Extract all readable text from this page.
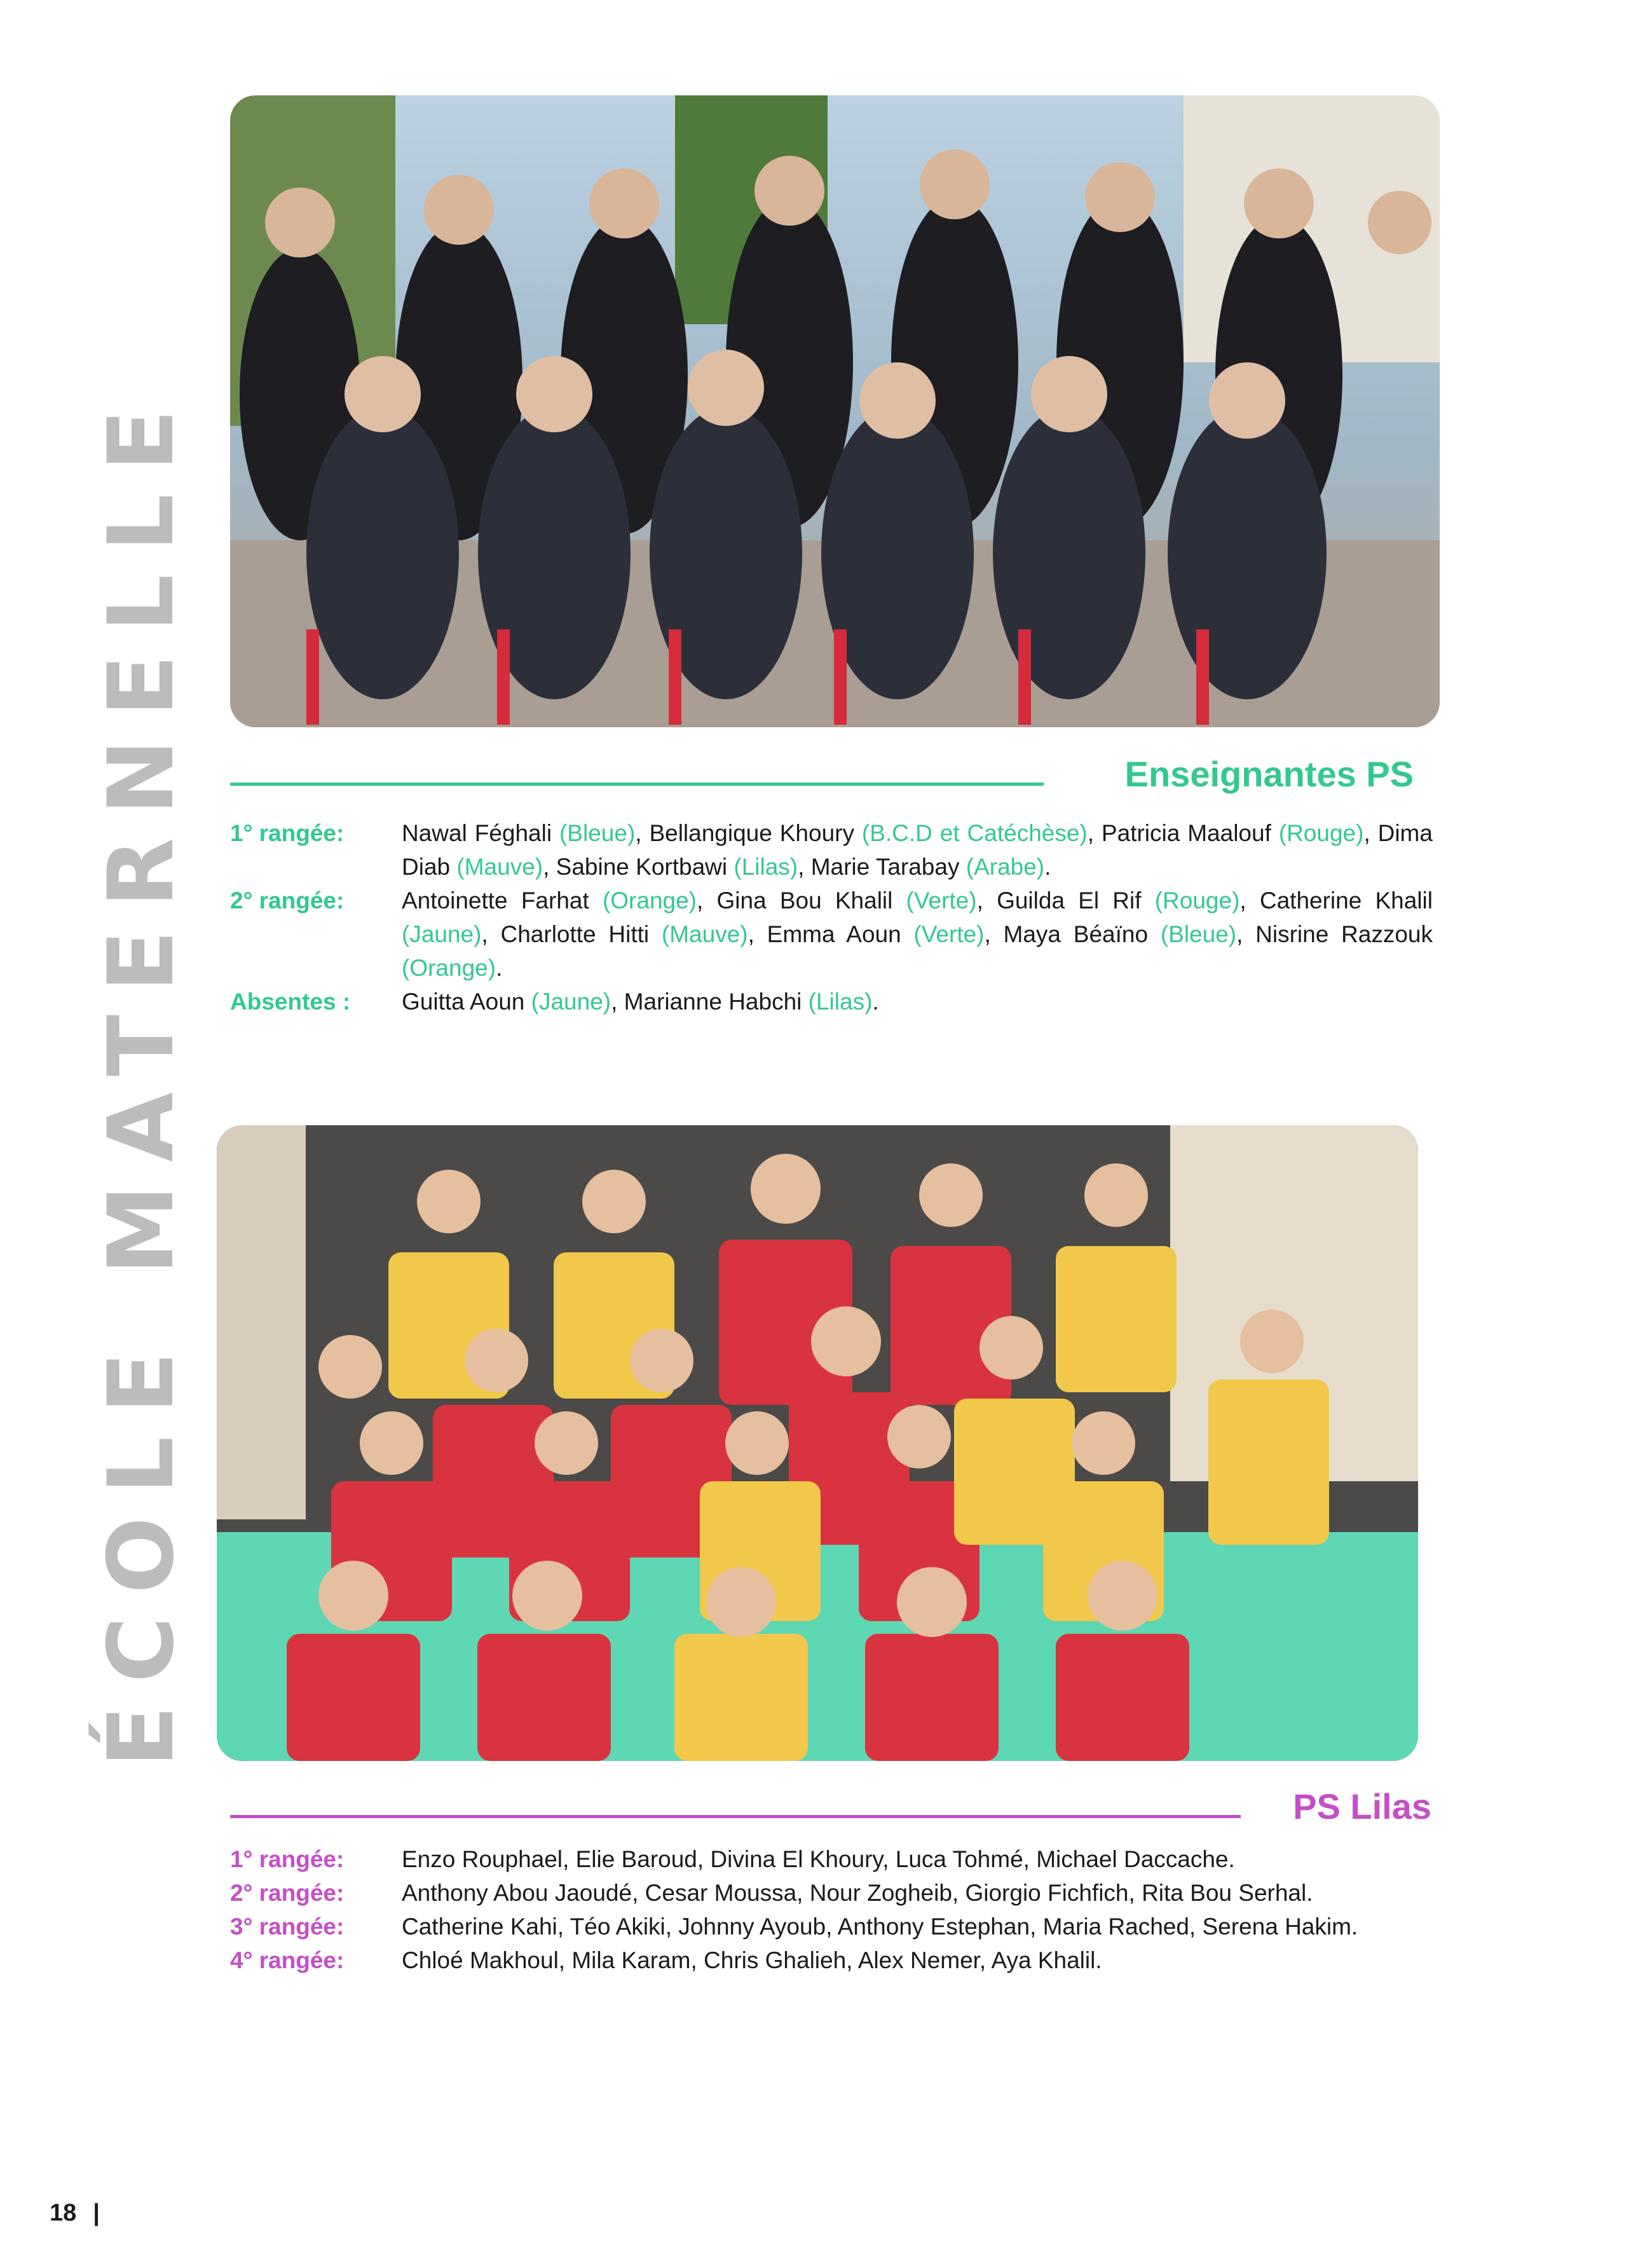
ÉCOLE MATERNELLE	Enseignantes PS
1° rangée:	Nawal Féghali (Bleue), Bellangique Khoury (B.C.D et Catéchèse), Patricia Maalouf (Rouge), Dima Diab (Mauve), Sabine Kortbawi (Lilas), Marie Tarabay (Arabe).
2° rangée:	Antoinette Farhat (Orange), Gina Bou Khalil (Verte), Guilda El Rif (Rouge), Catherine Khalil (Jaune), Charlotte Hitti (Mauve), Emma Aoun (Verte), Maya Béaïno (Bleue), Nisrine Razzouk (Orange).
Absentes :	Guitta Aoun (Jaune), Marianne Habchi (Lilas).
PS Lilas
1° rangée:	Enzo Rouphael, Elie Baroud, Divina El Khoury, Luca Tohmé, Michael Daccache.
2° rangée:	Anthony Abou Jaoudé, Cesar Moussa, Nour Zogheib, Giorgio Fichfich, Rita Bou Serhal.
3° rangée:	Catherine Kahi, Téo Akiki, Johnny Ayoub, Anthony Estephan, Maria Rached, Serena Hakim.
4° rangée:	Chloé Makhoul, Mila Karam, Chris Ghalieh, Alex Nemer, Aya Khalil.
18 |
